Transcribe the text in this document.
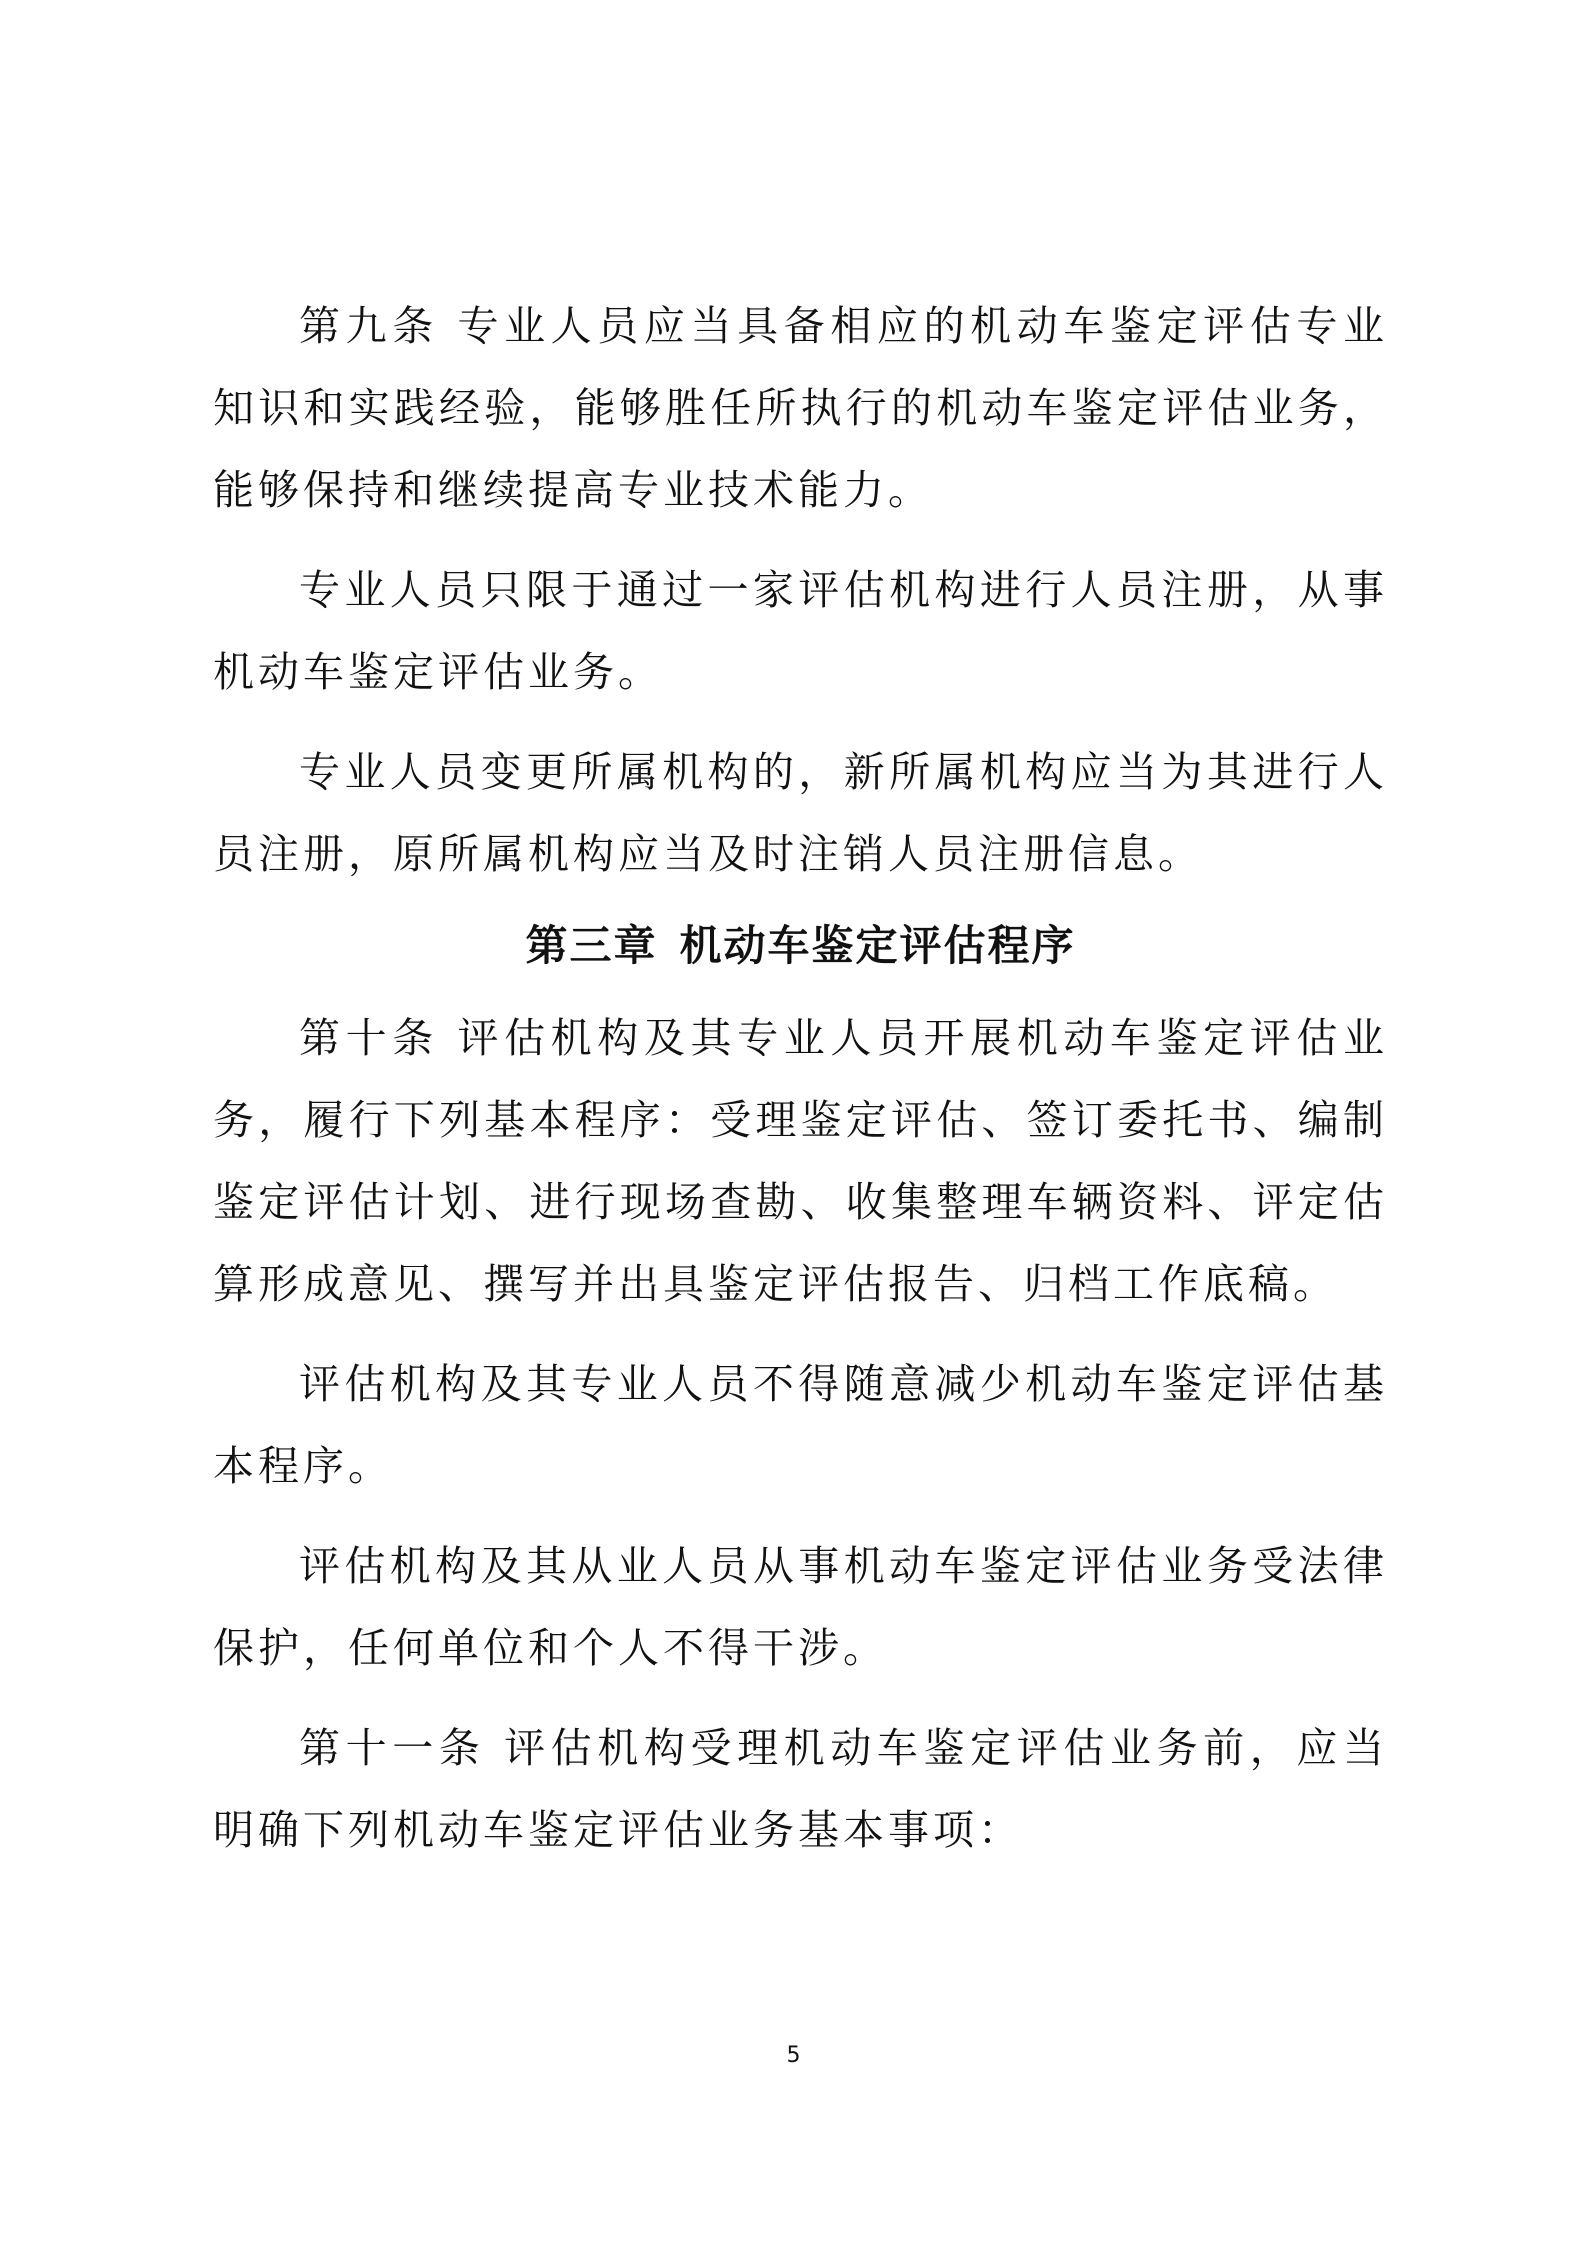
第九条 专业人员应当具备相应的机动车鉴定评估专业知识和实践经验，能够胜任所执行的机动车鉴定评估业务，能够保持和继续提高专业技术能力。

专业人员只限于通过一家评估机构进行人员注册，从事机动车鉴定评估业务。

专业人员变更所属机构的，新所属机构应当为其进行人员注册，原所属机构应当及时注销人员注册信息。

第三章 机动车鉴定评估程序

第十条 评估机构及其专业人员开展机动车鉴定评估业务，履行下列基本程序：受理鉴定评估、签订委托书、编制鉴定评估计划、进行现场查勘、收集整理车辆资料、评定估算形成意见、撰写并出具鉴定评估报告、归档工作底稿。

评估机构及其专业人员不得随意减少机动车鉴定评估基本程序。

评估机构及其从业人员从事机动车鉴定评估业务受法律保护，任何单位和个人不得干涉。

第十一条 评估机构受理机动车鉴定评估业务前，应当明确下列机动车鉴定评估业务基本事项：

5
